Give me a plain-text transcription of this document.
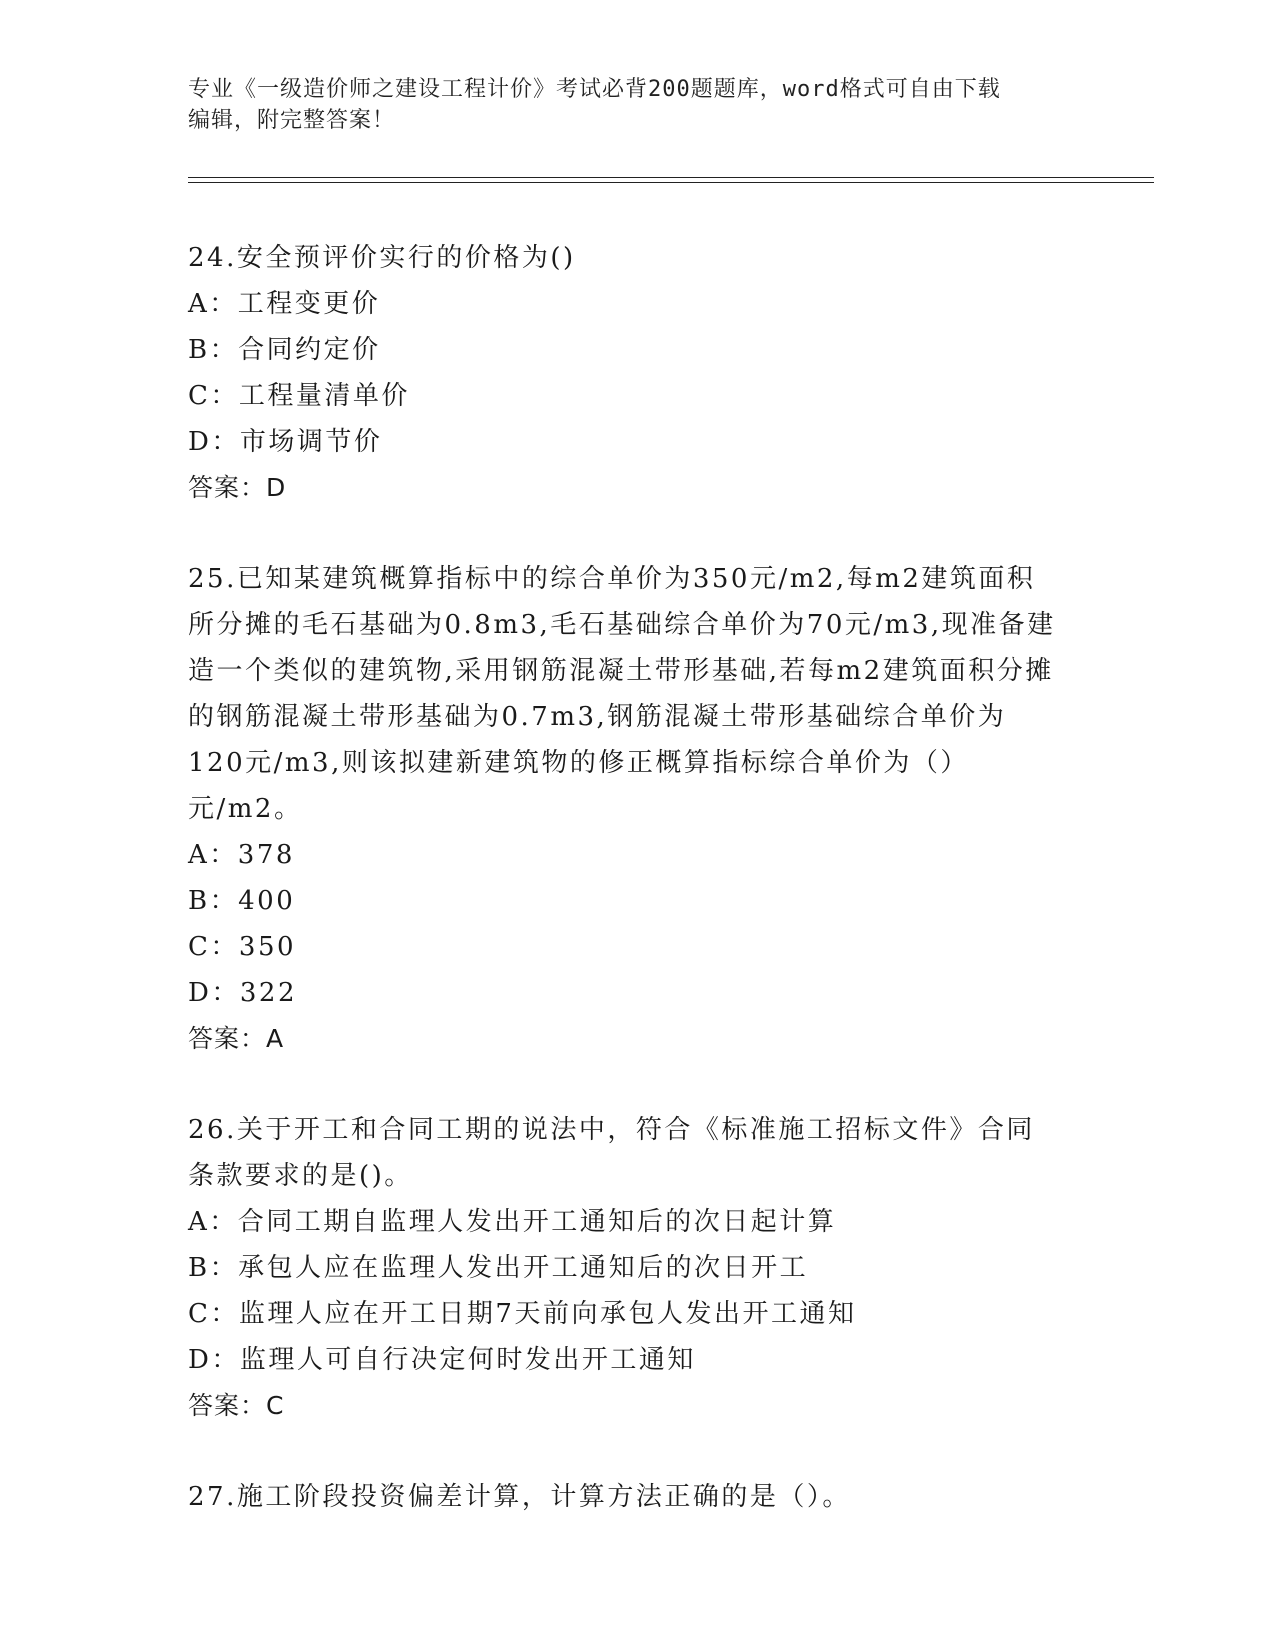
专业《一级造价师之建设工程计价》考试必背200题题库，word格式可自由下载
编辑，附完整答案！
24.安全预评价实行的价格为()
A：工程变更价
B：合同约定价
C：工程量清单价
D：市场调节价
答案：D
25.已知某建筑概算指标中的综合单价为350元/m2,每m2建筑面积所分摊的毛石基础为0.8m3,毛石基础综合单价为70元/m3,现准备建造一个类似的建筑物,采用钢筋混凝土带形基础,若每m2建筑面积分摊的钢筋混凝土带形基础为0.7m3,钢筋混凝土带形基础综合单价为120元/m3,则该拟建新建筑物的修正概算指标综合单价为（）元/m2。
A：378
B：400
C：350
D：322
答案：A
26.关于开工和合同工期的说法中，符合《标准施工招标文件》合同条款要求的是()。
A：合同工期自监理人发出开工通知后的次日起计算
B：承包人应在监理人发出开工通知后的次日开工
C：监理人应在开工日期7天前向承包人发出开工通知
D：监理人可自行决定何时发出开工通知
答案：C
27.施工阶段投资偏差计算，计算方法正确的是（）。
